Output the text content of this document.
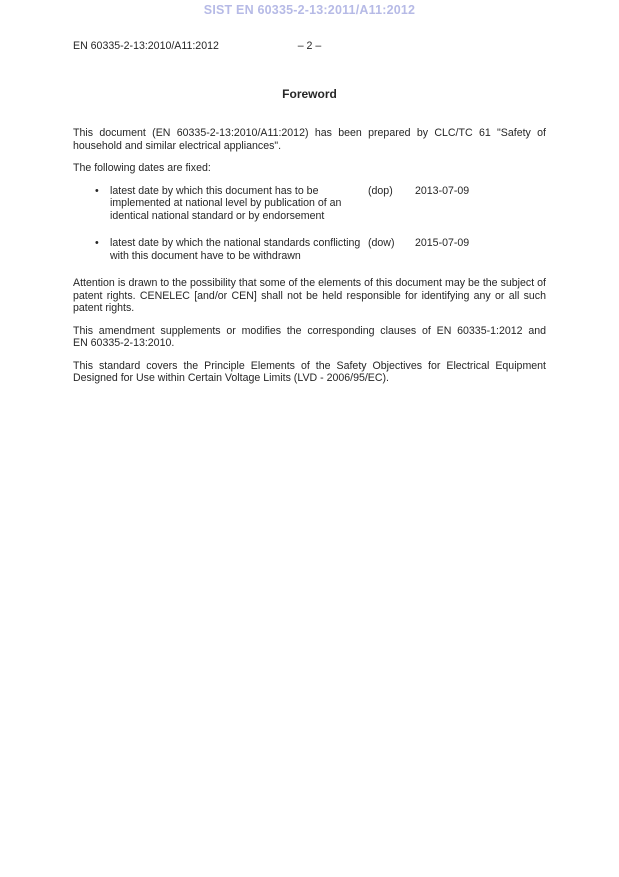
SIST EN 60335-2-13:2011/A11:2012
EN 60335-2-13:2010/A11:2012	– 2 –
Foreword

This document (EN 60335-2-13:2010/A11:2012) has been prepared by CLC/TC 61 "Safety of household and similar electrical appliances".

The following dates are fixed:

•	latest date by which this document has to be implemented at national level by publication of an identical national standard or by endorsement
(dop)	2013-07-09
•	latest date by which the national standards conflicting with this document have to be withdrawn
(dow)	2015-07-09

Attention is drawn to the possibility that some of the elements of this document may be the subject of patent rights. CENELEC [and/or CEN] shall not be held responsible for identifying any or all such patent rights.

This amendment supplements or modifies the corresponding clauses of EN 60335-1:2012 and EN 60335-2-13:2010.

This standard covers the Principle Elements of the Safety Objectives for Electrical Equipment Designed for Use within Certain Voltage Limits (LVD - 2006/95/EC).
